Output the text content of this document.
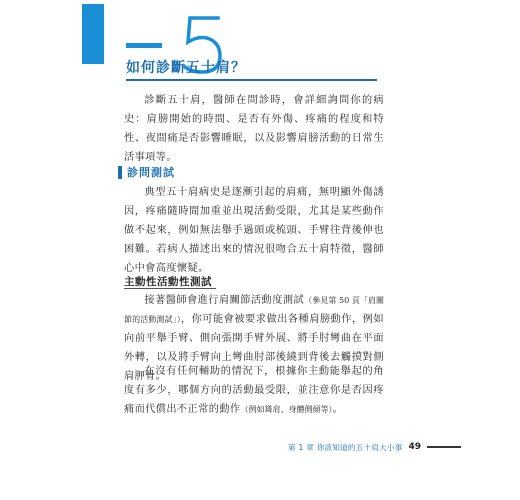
如何診斷五十肩？

診斷五十肩，醫師在問診時，會詳細詢問你的病史：肩膀開始的時間、是否有外傷、疼痛的程度和特性、夜間痛是否影響睡眠，以及影響肩膀活動的日常生活事項等。

診問測試

典型五十肩病史是逐漸引起的肩痛，無明顯外傷誘因，疼痛隨時間加重並出現活動受限，尤其是某些動作做不起來，例如無法舉手過頭或梳頭、手臂往背後伸也困難。若病人描述出來的情況很吻合五十肩特徵，醫師心中會高度懷疑。

主動性活動性測試

接著醫師會進行肩關節活動度測試（參見第 50 頁「肩關節的活動測試」），你可能會被要求做出各種肩膀動作，例如向前平舉手臂、側向張開手臂外展、將手肘彎曲在平面外轉，以及將手臂向上彎曲肘部後繞到背後去觸摸對側肩胛骨。

在沒有任何輔助的情況下，根據你主動能舉起的角度有多少，哪個方向的活動最受限，並注意你是否因疼痛而代償出不正常的動作（例如聳肩、身體側傾等）。

第 1 章 你該知道的五十肩大小事 49
